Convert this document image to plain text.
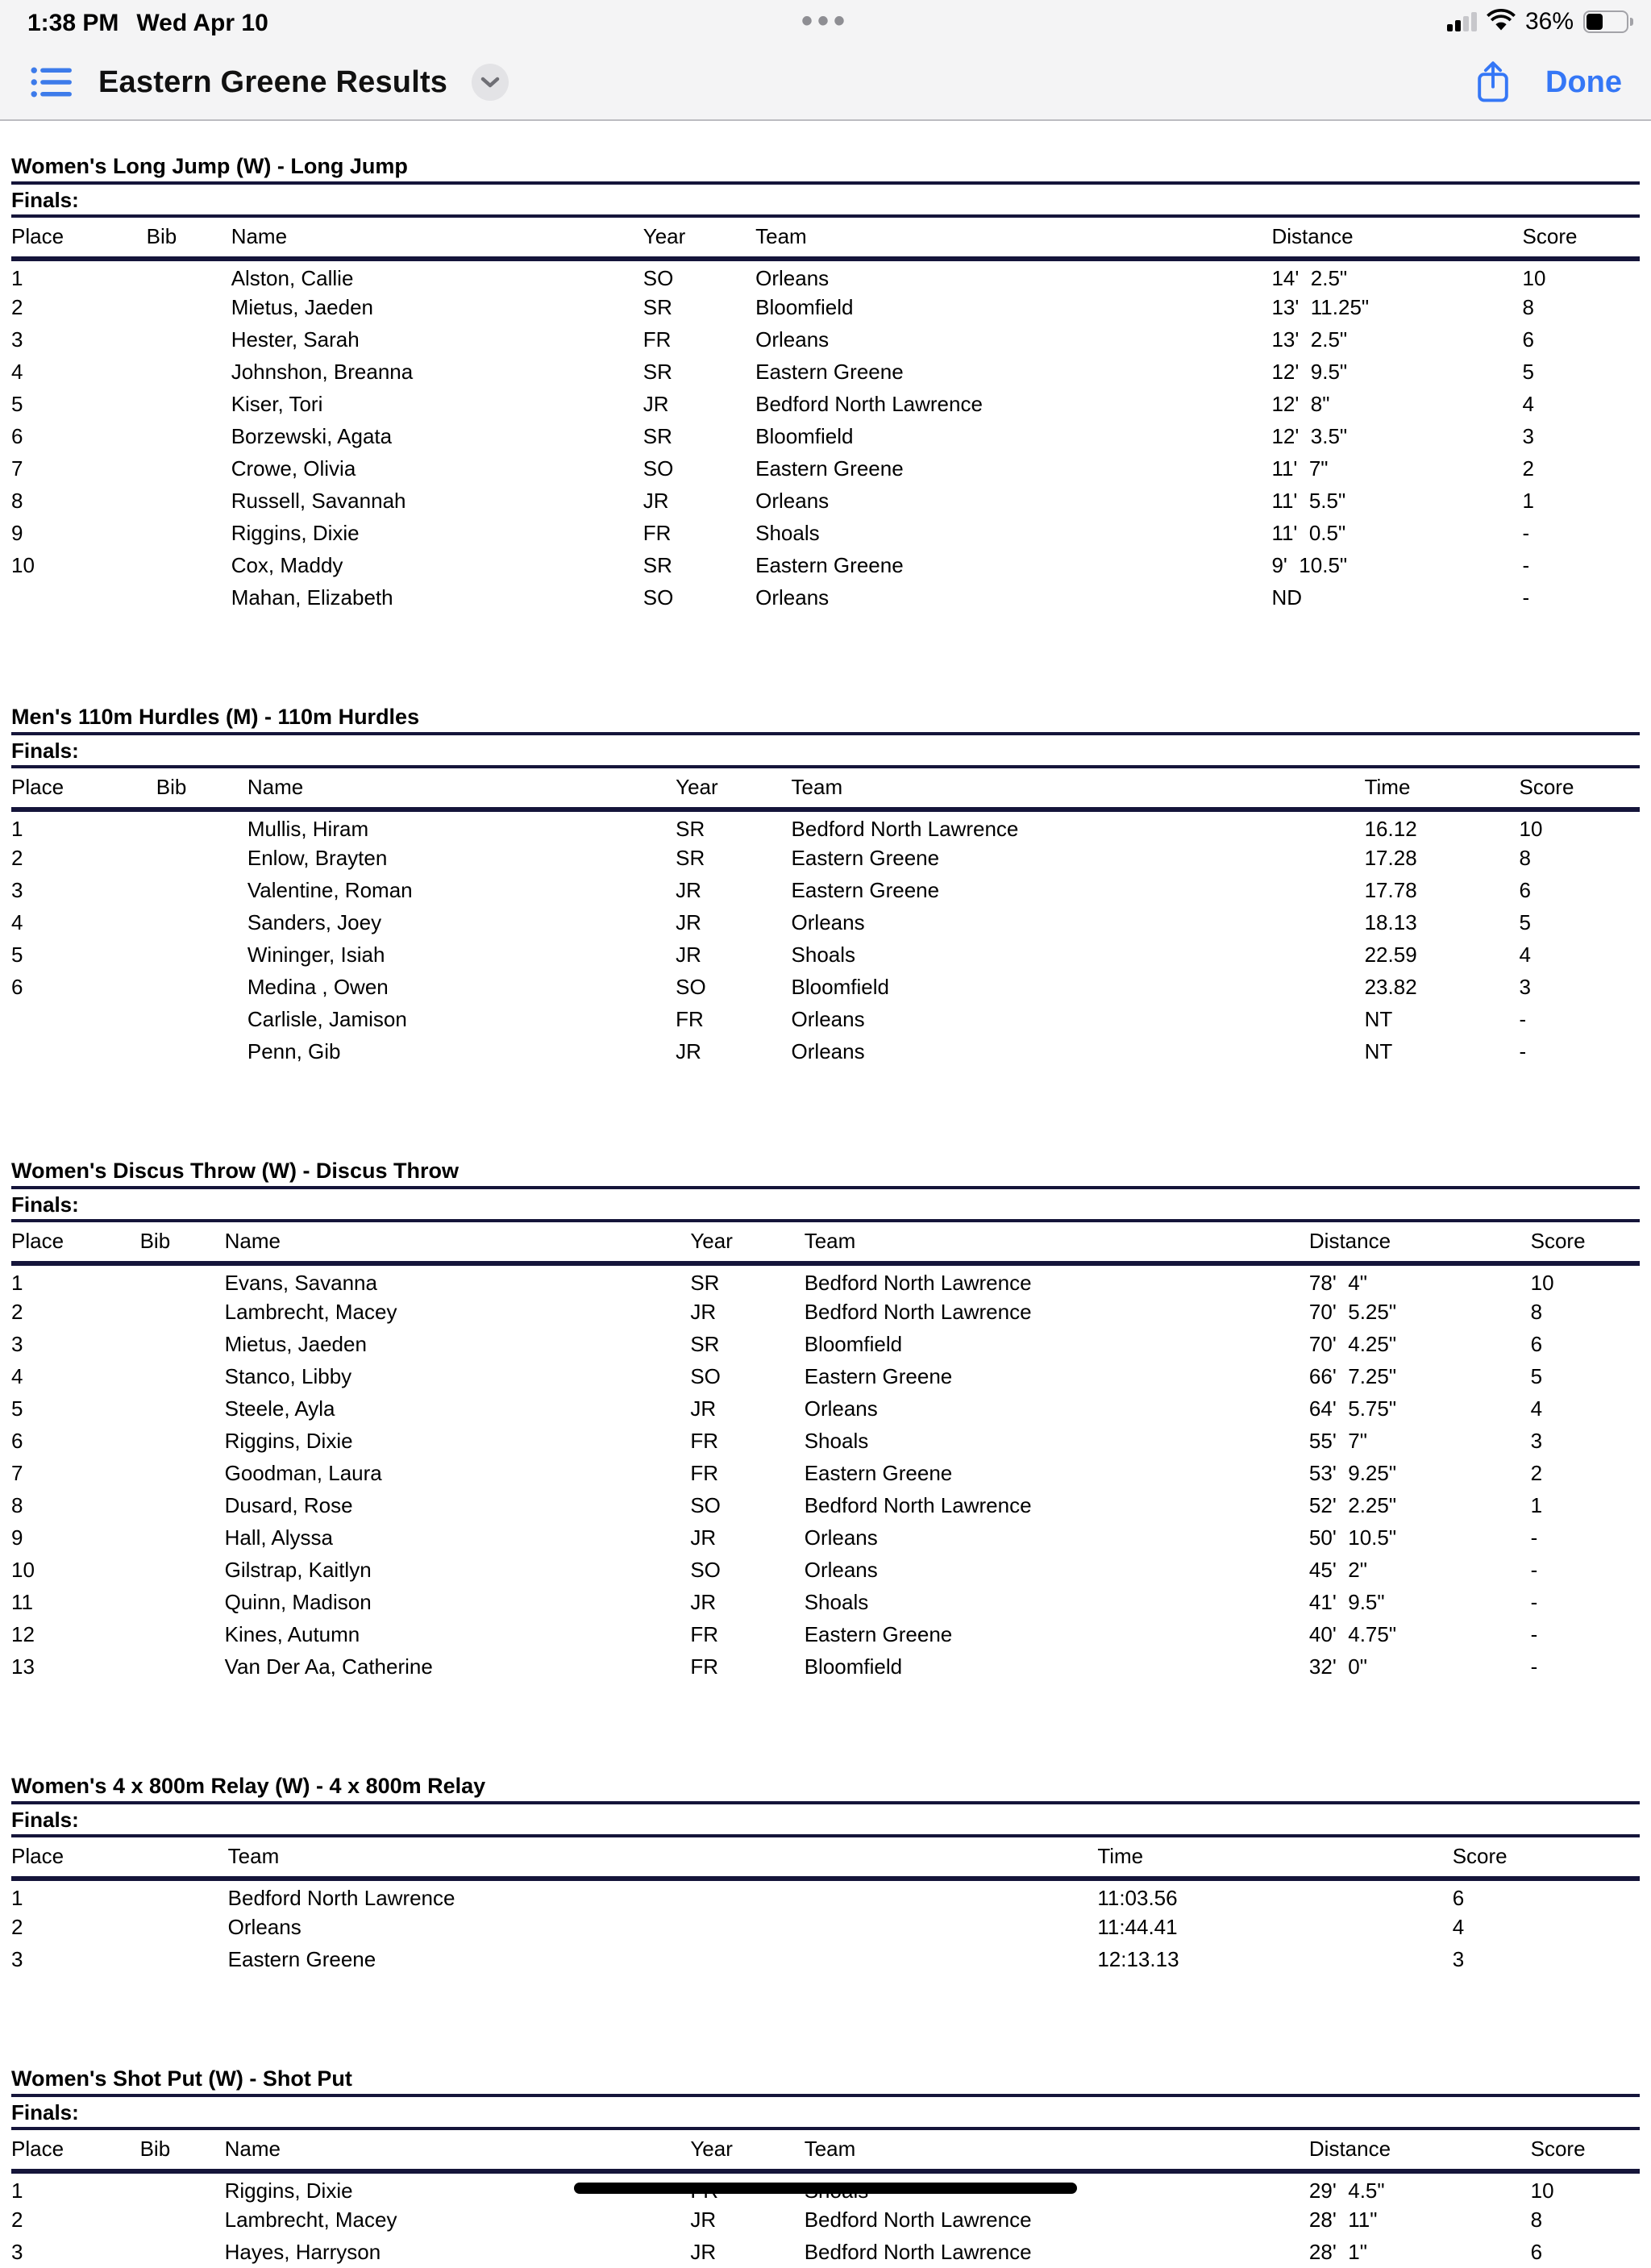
1:38 PM Wed Apr 10	•••	36%
Eastern Greene Results	Done
Women's Long Jump (W) - Long Jump
Finals:
Place	Bib	Name	Year	Team	Distance	Score
1		Alston, Callie	SO	Orleans	14'  2.5"	10
2		Mietus, Jaeden	SR	Bloomfield	13'  11.25"	8
3		Hester, Sarah	FR	Orleans	13'  2.5"	6
4		Johnshon, Breanna	SR	Eastern Greene	12'  9.5"	5
5		Kiser, Tori	JR	Bedford North Lawrence	12'  8"	4
6		Borzewski, Agata	SR	Bloomfield	12'  3.5"	3
7		Crowe, Olivia	SO	Eastern Greene	11'  7"	2
8		Russell, Savannah	JR	Orleans	11'  5.5"	1
9		Riggins, Dixie	FR	Shoals	11'  0.5"	-
10		Cox, Maddy	SR	Eastern Greene	9'  10.5"	-
		Mahan, Elizabeth	SO	Orleans	ND	-
Men's 110m Hurdles (M) - 110m Hurdles
Finals:
Place	Bib	Name	Year	Team	Time	Score
1		Mullis, Hiram	SR	Bedford North Lawrence	16.12	10
2		Enlow, Brayten	SR	Eastern Greene	17.28	8
3		Valentine, Roman	JR	Eastern Greene	17.78	6
4		Sanders, Joey	JR	Orleans	18.13	5
5		Wininger, Isiah	JR	Shoals	22.59	4
6		Medina , Owen	SO	Bloomfield	23.82	3
		Carlisle, Jamison	FR	Orleans	NT	-
		Penn, Gib	JR	Orleans	NT	-
Women's Discus Throw (W) - Discus Throw
Finals:
Place	Bib	Name	Year	Team	Distance	Score
1		Evans, Savanna	SR	Bedford North Lawrence	78'  4"	10
2		Lambrecht, Macey	JR	Bedford North Lawrence	70'  5.25"	8
3		Mietus, Jaeden	SR	Bloomfield	70'  4.25"	6
4		Stanco, Libby	SO	Eastern Greene	66'  7.25"	5
5		Steele, Ayla	JR	Orleans	64'  5.75"	4
6		Riggins, Dixie	FR	Shoals	55'  7"	3
7		Goodman, Laura	FR	Eastern Greene	53'  9.25"	2
8		Dusard, Rose	SO	Bedford North Lawrence	52'  2.25"	1
9		Hall, Alyssa	JR	Orleans	50'  10.5"	-
10		Gilstrap, Kaitlyn	SO	Orleans	45'  2"	-
11		Quinn, Madison	JR	Shoals	41'  9.5"	-
12		Kines, Autumn	FR	Eastern Greene	40'  4.75"	-
13		Van Der Aa, Catherine	FR	Bloomfield	32'  0"	-
Women's 4 x 800m Relay (W) - 4 x 800m Relay
Finals:
Place	Team	Time	Score
1	Bedford North Lawrence	11:03.56	6
2	Orleans	11:44.41	4
3	Eastern Greene	12:13.13	3
Women's Shot Put (W) - Shot Put
Finals:
Place	Bib	Name	Year	Team	Distance	Score
1		Riggins, Dixie			29'  4.5"	10
2		Lambrecht, Macey	JR	Bedford North Lawrence	28'  11"	8
3		Hayes, Harryson	JR	Bedford North Lawrence	28'  1"	6
